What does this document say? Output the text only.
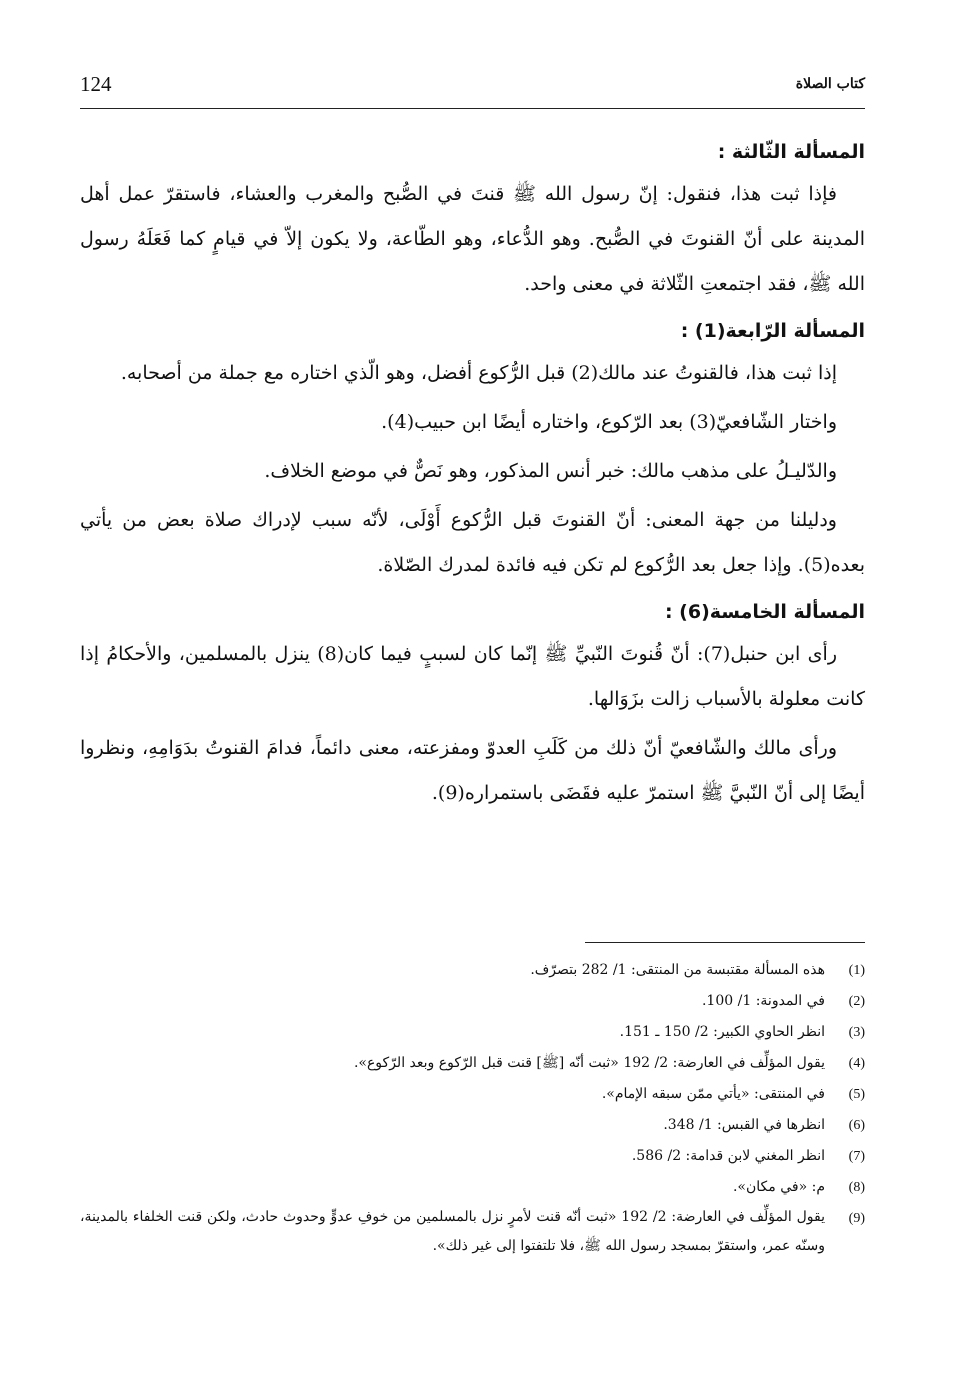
124	كتاب الصلاة

المسألة الثّالثة :

فإذا ثبت هذا، فنقول: إنّ رسول الله ﷺ قنتَ في الصُّبح والمغرب والعشاء، فاستقرّ عمل أهل المدينة على أنّ القنوتَ في الصُّبح. وهو الدُّعاء، وهو الطّاعة، ولا يكون إلاّ في قيامٍ كما فَعَلَهُ رسول الله ﷺ، فقد اجتمعتِ الثّلاثة في معنى واحد.

المسألة الرّابعة(1) :

إذا ثبت هذا، فالقنوتُ عند مالك(2) قبل الرُّكوع أفضل، وهو الّذي اختاره مع جملة من أصحابه.

واختار الشّافعيّ(3) بعد الرّكوع، واختاره أيضًا ابن حبيب(4).

والدّليـلُ على مذهب مالك: خبر أنس المذكور، وهو نَصٌّ في موضع الخلاف.

ودليلنا من جهة المعنى: أنّ القنوتَ قبل الرُّكوع أَوْلَى، لأنّه سبب لإدراك صلاة بعض من يأتي بعده(5). وإذا جعل بعد الرُّكوع لم تكن فيه فائدة لمدرك الصّلاة.

المسألة الخامسة(6) :

رأى ابن حنبل(7): أنّ قُنوتَ النّبيِّ ﷺ إنّما كان لسببٍ فيما كان(8) ينزل بالمسلمين، والأحكامُ إذا كانت معلولة بالأسباب زالت بزَوَالها.

ورأى مالك والشّافعيّ أنّ ذلك من كَلَبِ العدوّ ومفزعته، معنى دائماً، فدامَ القنوتُ بدَوَامِهِ، ونظروا أيضًا إلى أنّ النّبيَّ ﷺ استمرّ عليه فقَضَى باستمراره(9).

(1)
هذه المسألة مقتبسة من المنتقى: 1/ 282 بتصرّف.
(2)
في المدونة: 1/ 100.
(3)
انظر الحاوي الكبير: 2/ 150 ـ 151.
(4)
يقول المؤلِّف في العارضة: 2/ 192 «ثبت أنّه [ﷺ] قنت قبل الرّكوع وبعد الرّكوع».
(5)
في المنتقى: «يأتي ممّن سبقه الإمام».
(6)
انظرها في القبس: 1/ 348.
(7)
انظر المغني لابن قدامة: 2/ 586.
(8)
م: «في مكان».
(9)
يقول المؤلِّف في العارضة: 2/ 192 «ثبت أنّه قنت لأمرٍ نزل بالمسلمين من خوفِ عدوٍّ وحدوث حادث، ولكن قنت الخلفاء بالمدينة، وسنّه عمر، واستقرّ بمسجد رسول الله ﷺ، فلا تلتفتوا إلى غير ذلك».
